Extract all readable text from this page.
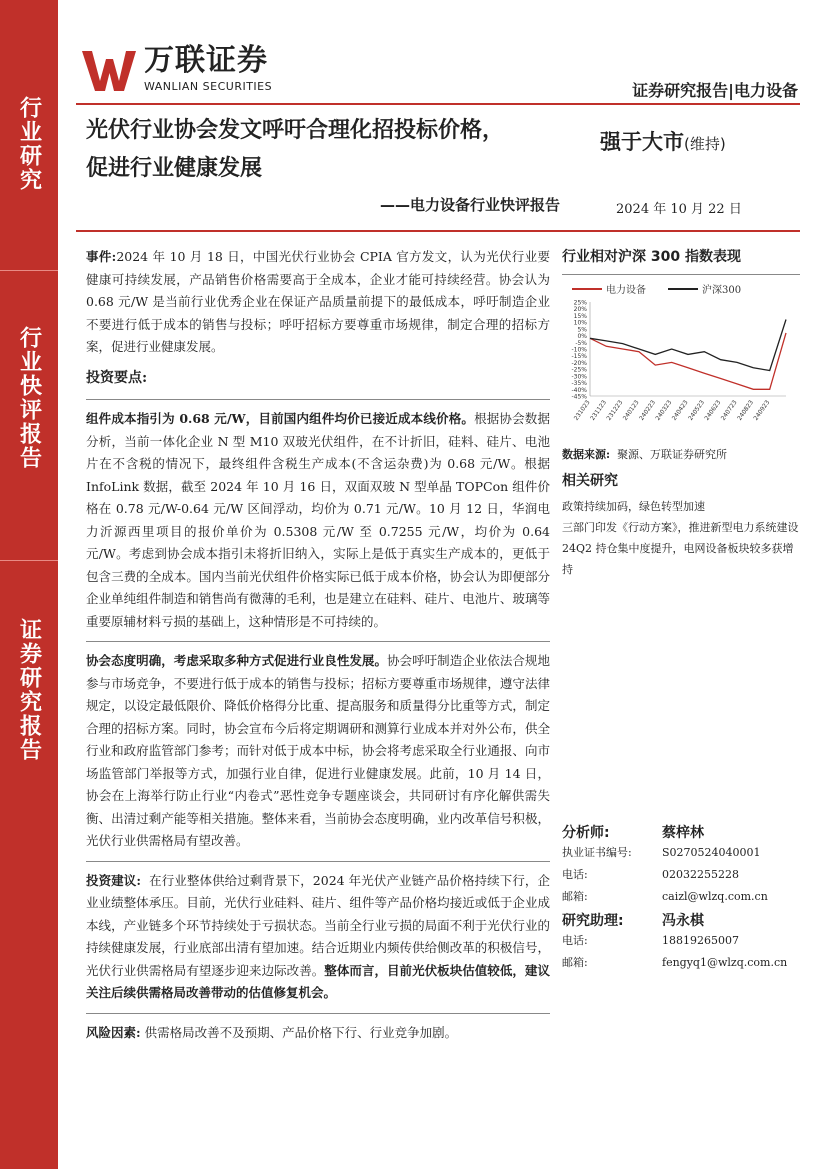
行业研究
行业快评报告
证券研究报告
万联证券
WANLIAN SECURITIES	证券研究报告|电力设备
光伏行业协会发文呼吁合理化招投标价格，
促进行业健康发展
——电力设备行业快评报告
强于大市(维持)
2024 年 10 月 22 日

事件:2024 年 10 月 18 日，中国光伏行业协会 CPIA 官方发文，认为光伏行业要健康可持续发展，产品销售价格需要高于全成本，企业才能可持续经营。协会认为 0.68 元/W 是当前行业优秀企业在保证产品质量前提下的最低成本，呼吁制造企业不要进行低于成本的销售与投标；呼吁招标方要尊重市场规律，制定合理的招标方案，促进行业健康发展。

投资要点:

组件成本指引为 0.68 元/W，目前国内组件均价已接近成本线价格。根据协会数据分析，当前一体化企业 N 型 M10 双玻光伏组件，在不计折旧，硅料、硅片、电池片在不含税的情况下，最终组件含税生产成本(不含运杂费)为 0.68 元/W。根据 InfoLink 数据，截至 2024 年 10 月 16 日，双面双玻 N 型单晶 TOPCon 组件价格在 0.78 元/W-0.64 元/W 区间浮动，均价为 0.71 元/W。10 月 12 日，华润电力沂源西里项目的报价单价为 0.5308 元/W 至 0.7255 元/W，均价为 0.64 元/W。考虑到协会成本指引未将折旧纳入，实际上是低于真实生产成本的，更低于包含三费的全成本。国内当前光伏组件价格实际已低于成本价格，协会认为即便部分企业单纯组件制造和销售尚有微薄的毛利，也是建立在硅料、硅片、电池片、玻璃等重要原辅材料亏损的基础上，这种情形是不可持续的。

协会态度明确，考虑采取多种方式促进行业良性发展。协会呼吁制造企业依法合规地参与市场竞争，不要进行低于成本的销售与投标；招标方要尊重市场规律，遵守法律规定，以设定最低限价、降低价格得分比重、提高服务和质量得分比重等方式，制定合理的招标方案。同时，协会宣布今后将定期调研和测算行业成本并对外公布，供全行业和政府监管部门参考；而针对低于成本中标，协会将考虑采取全行业通报、向市场监管部门举报等方式，加强行业自律，促进行业健康发展。此前，10 月 14 日，协会在上海举行防止行业“内卷式”恶性竞争专题座谈会，共同研讨有序化解供需失衡、出清过剩产能等相关措施。整体来看，当前协会态度明确，业内改革信号积极，光伏行业供需格局有望改善。

投资建议: 在行业整体供给过剩背景下，2024 年光伏产业链产品价格持续下行，企业业绩整体承压。目前，光伏行业硅料、硅片、组件等产品价格均接近或低于企业成本线，产业链多个环节持续处于亏损状态。当前全行业亏损的局面不利于光伏行业的持续健康发展，行业底部出清有望加速。结合近期业内频传供给侧改革的积极信号，光伏行业供需格局有望逐步迎来边际改善。整体而言，目前光伏板块估值较低，建议关注后续供需格局改善带动的估值修复机会。

风险因素: 供需格局改善不及预期、产品价格下行、行业竞争加剧。

行业相对沪深 300 指数表现
电力设备	沪深300
25%
20%
15%
10%
5%
0%
-5%
-10%
-15%
-20%
-25%
-30%
-35%
-40%
-45%
231023
231123
231223
240123
240223
240323
240423
240523
240623
240723
240823
240923
数据来源: 聚源、万联证券研究所
相关研究
政策持续加码，绿色转型加速
三部门印发《行动方案》，推进新型电力系统建设
24Q2 持仓集中度提升，电网设备板块较多获增持
分析师:	蔡梓林
执业证书编号:	S0270524040001
电话:	02032255228
邮箱:	caizl@wlzq.com.cn
研究助理:	冯永棋
电话:	18819265007
邮箱:	fengyq1@wlzq.com.cn
